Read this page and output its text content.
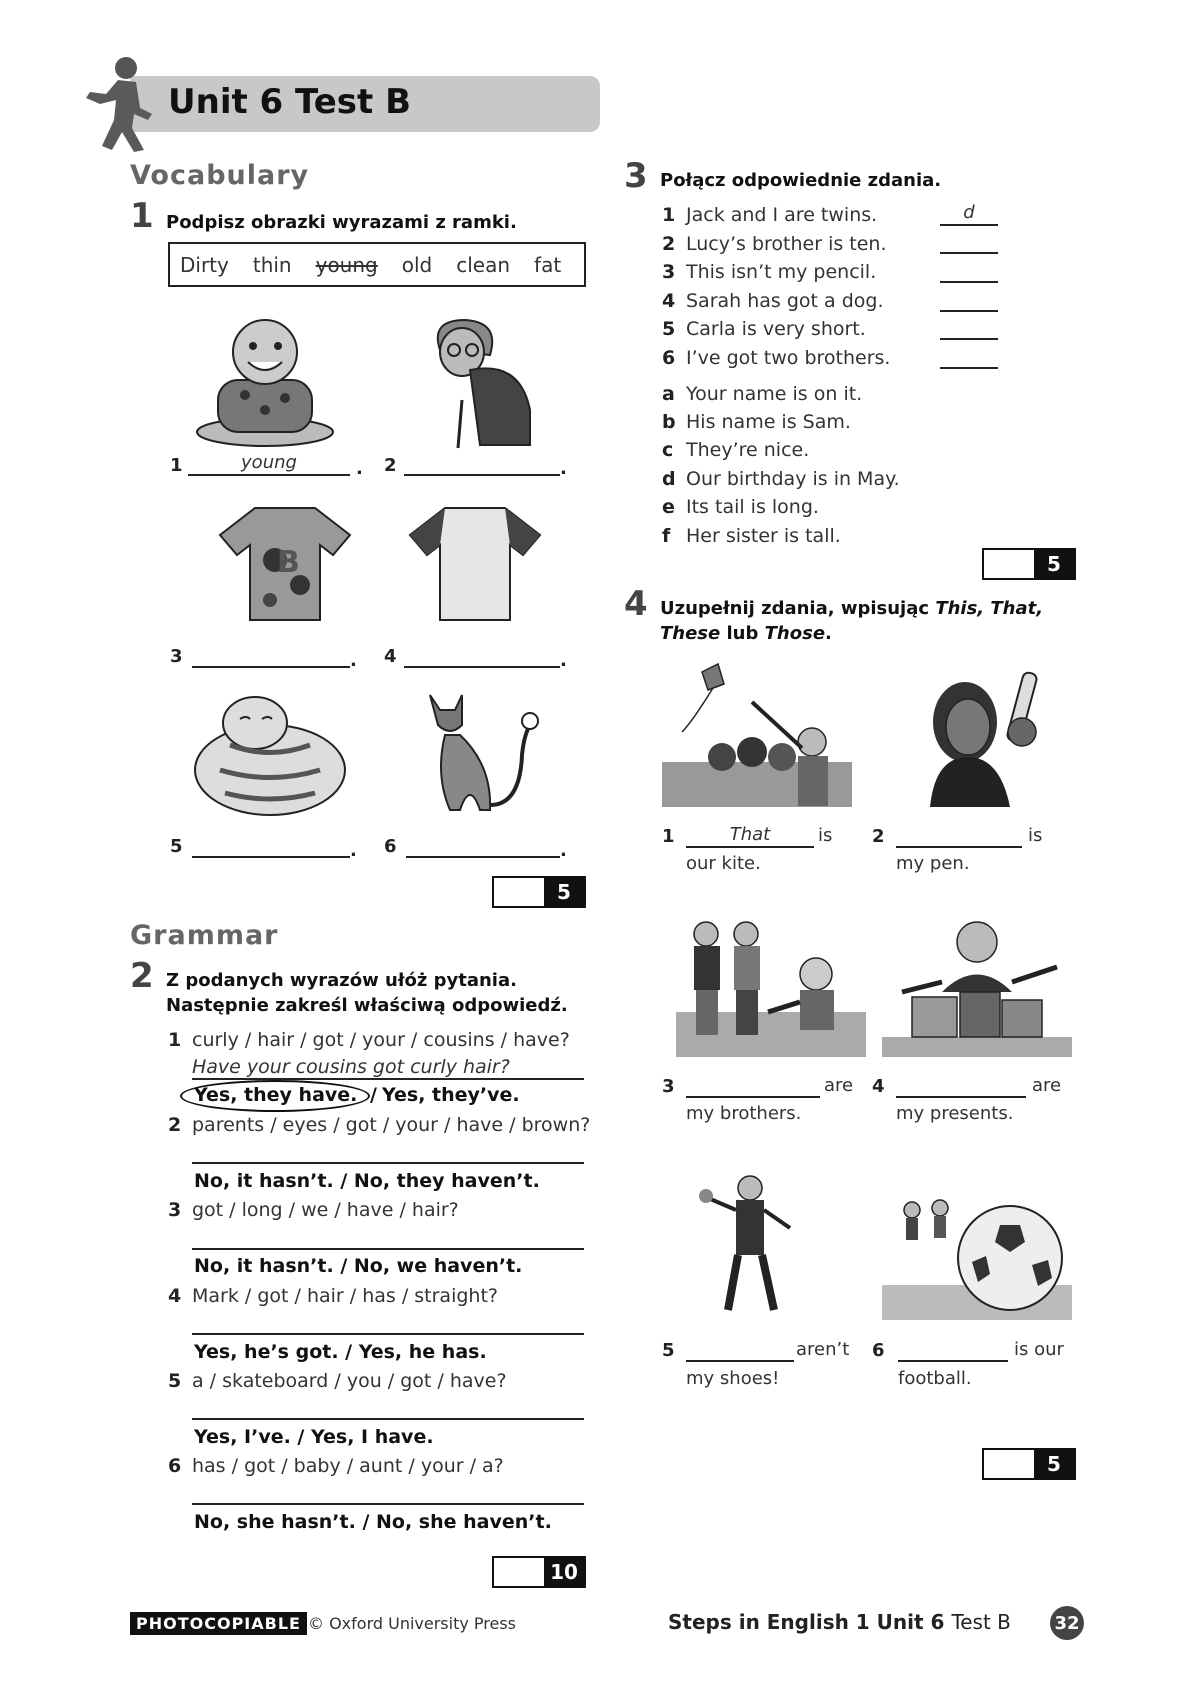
Unit 6 Test B
Vocabulary
1 Podpisz obrazki wyrazami z ramki.
Dirty thin young old clean fat
1	young	. 2	.
B
3	. 4	.
5	. 6	.
5
Grammar
2 Z podanych wyrazów ułóż pytania.
Następnie zakreśl właściwą odpowiedź.
1 curly / hair / got / your / cousins / have?
Have your cousins got curly hair?
Yes, they have. / Yes, they’ve.
2 parents / eyes / got / your / have / brown?
No, it hasn’t. / No, they haven’t.
3 got / long / we / have / hair?
No, it hasn’t. / No, we haven’t.
4 Mark / got / hair / has / straight?
Yes, he’s got. / Yes, he has.
5 a / skateboard / you / got / have?
Yes, I’ve. / Yes, I have.
6 has / got / baby / aunt / your / a?
No, she hasn’t. / No, she haven’t.
10
3 Połącz odpowiednie zdania.
1 Jack and I are twins.	d
2 Lucy’s brother is ten.
3 This isn’t my pencil.
4 Sarah has got a dog.
5 Carla is very short.
6 I’ve got two brothers.
a Your name is on it.
b His name is Sam.
c They’re nice.
d Our birthday is in May.
e Its tail is long.
f Her sister is tall.
5
4 Uzupełnij zdania, wpisując This, That,
These lub Those.
1	That	is
our kite.
2	is
my pen.
3	are
my brothers.
4	are
my presents.
5	aren’t
my shoes!
6	is our
football.
5
PHOTOCOPIABLE © Oxford University Press	Steps in English 1 Unit 6 Test B 32
